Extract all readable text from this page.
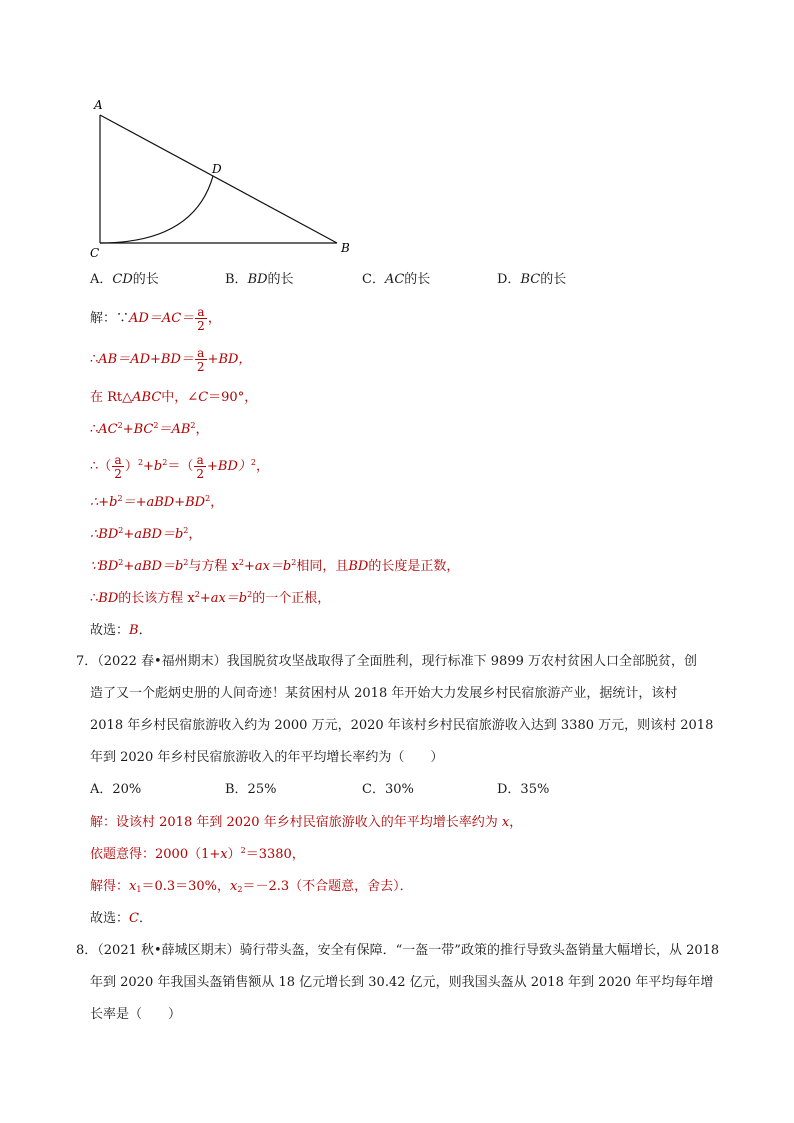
A
D
C	B
A．CD的长	B．BD的长	C．AC的长	D．BC的长
解：∵AD＝AC＝ $\frac{a}{2}$ ，
∴AB＝AD+BD＝ $\frac{a}{2} +BD$，
在 Rt△ABC中，∠C＝90°，
$\therefore AC^2+BC^2=AB^2$，
∴（ $\frac{a}{2} )^2+b^2=( \frac{a}{2} +BD)^2$，
$\therefore+b^2=+aBD+BD^2$，
$\therefore BD^2+aBD=b^2$，
$\because BD^2+aBD=b^2$与方程 $x^2+ax=b^2$相同，且BD的长度是正数，
∴BD的长该方程 $x^2+ax=b^2$的一个正根，
故选：B．
7．（2022 春•福州期末）我国脱贫攻坚战取得了全面胜利，现行标准下 9899 万农村贫困人口全部脱贫，创
造了又一个彪炳史册的人间奇迹！某贫困村从 2018 年开始大力发展乡村民宿旅游产业，据统计，该村
2018 年乡村民宿旅游收入约为 2000 万元，2020 年该村乡村民宿旅游收入达到 3380 万元，则该村 2018
年到 2020 年乡村民宿旅游收入的年平均增长率约为（　　）
A．20%	B．25%	C．30%	D．35%
解：设该村 2018 年到 2020 年乡村民宿旅游收入的年平均增长率约为 x，
依题意得：$2000(1+x)^2=3380$，
解得：$x_1=0.3=30\%$，$x_2=-2.3$（不合题意，舍去）．
故选：C．
8．（2021 秋•薛城区期末）骑行带头盔，安全有保障．“一盔一带”政策的推行导致头盔销量大幅增长，从 2018
年到 2020 年我国头盔销售额从 18 亿元增长到 30.42 亿元，则我国头盔从 2018 年到 2020 年平均每年增
长率是（　　）
